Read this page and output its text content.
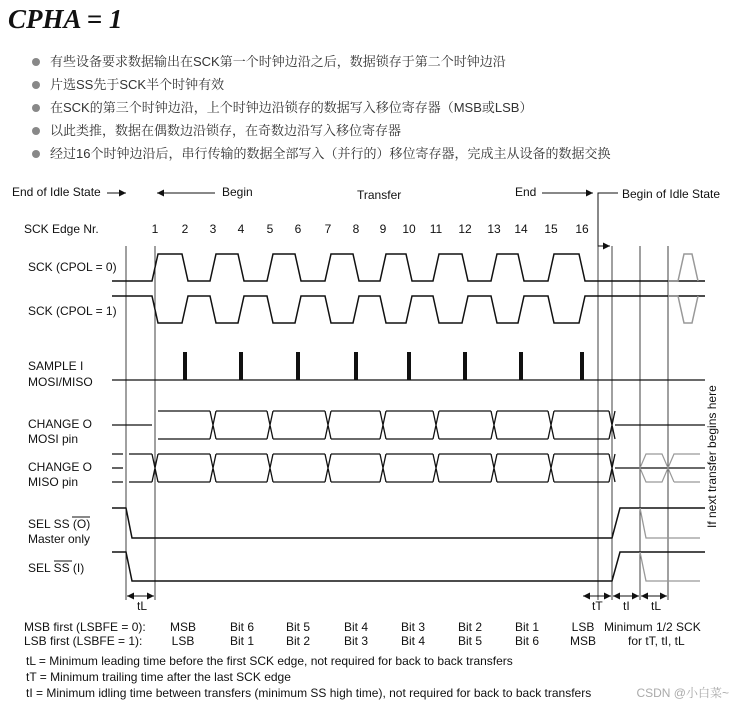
CPHA = 1
有些设备要求数据输出在SCK第一个时钟边沿之后，数据锁存于第二个时钟边沿
片选SS先于SCK半个时钟有效
在SCK的第三个时钟边沿，上个时钟边沿锁存的数据写入移位寄存器（MSB或LSB）
以此类推，数据在偶数边沿锁存，在奇数边沿写入移位寄存器
经过16个时钟边沿后，串行传输的数据全部写入（并行的）移位寄存器，完成主从设备的数据交换
End of Idle State	Begin	Transfer	End	Begin of Idle State
SCK Edge Nr.	1 2 3 4 5 6 7 8 9 10 11 12 13 14 15 16
SCK (CPOL = 0)
SCK (CPOL = 1)
SAMPLE I
MOSI/MISO
CHANGE O
MOSI pin
CHANGE O
MISO pin
SEL SS (O)
Master only
SEL SS (I)
If next transfer begins here
tL	tT tI tL
MSB first (LSBFE = 0):
LSB first (LSBFE = 1):
MSB	Bit 6	Bit 5	Bit 4	Bit 3	Bit 2	Bit 1	LSB
LSB	Bit 1	Bit 2	Bit 3	Bit 4	Bit 5	Bit 6	MSB
Minimum 1/2 SCK
for tT, tI, tL
tL = Minimum leading time before the first SCK edge, not required for back to back transfers
tT = Minimum trailing time after the last SCK edge
tI = Minimum idling time between transfers (minimum SS high time), not required for back to back transfers	CSDN @小白菜~
